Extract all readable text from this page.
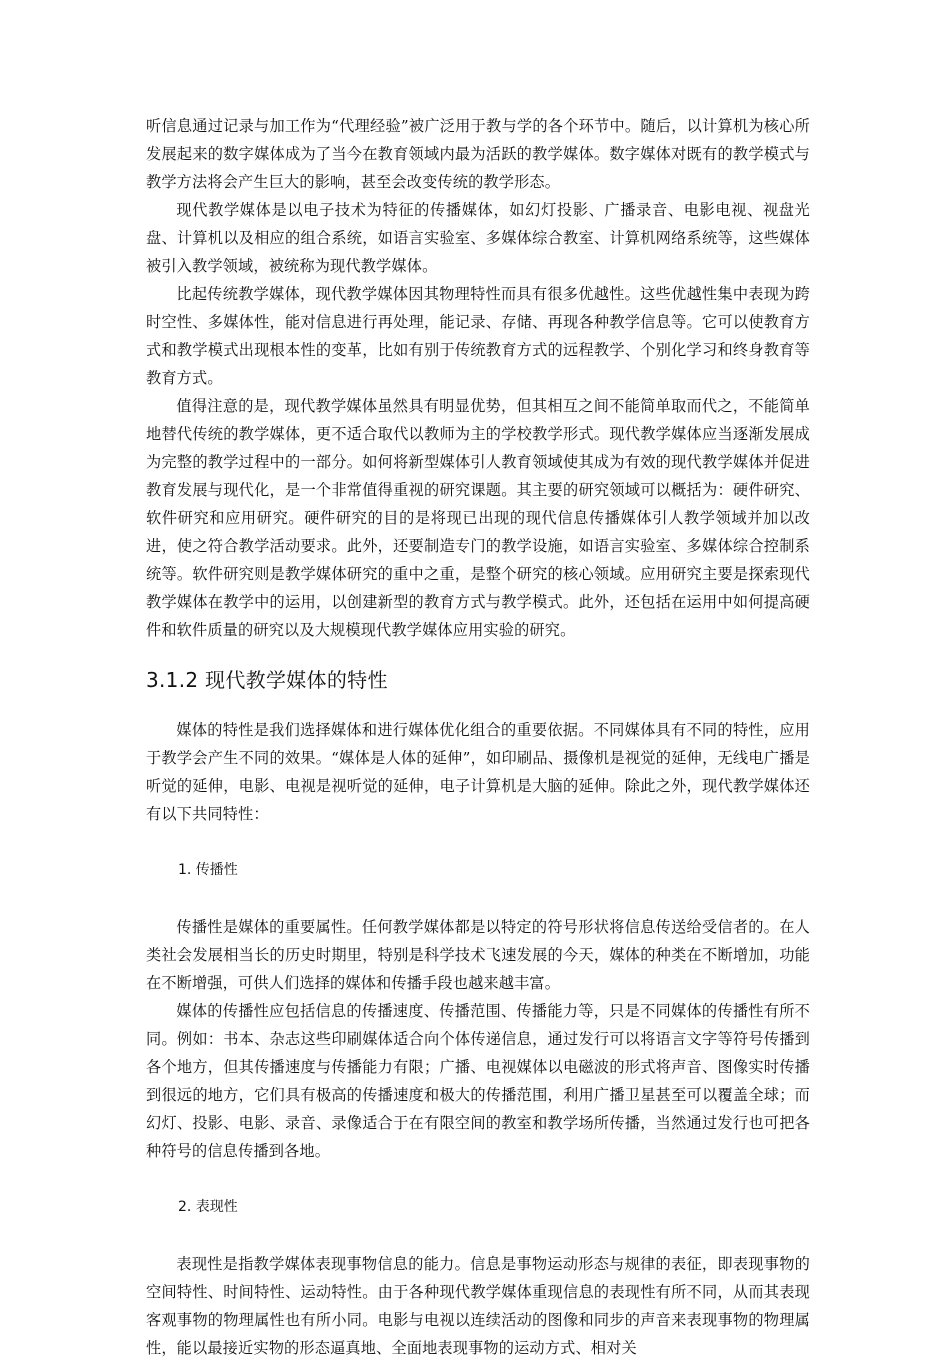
听信息通过记录与加工作为“代理经验”被广泛用于教与学的各个环节中。随后，以计算机为核心所发展起来的数字媒体成为了当今在教育领域内最为活跃的教学媒体。数字媒体对既有的教学模式与教学方法将会产生巨大的影响，甚至会改变传统的教学形态。

现代教学媒体是以电子技术为特征的传播媒体，如幻灯投影、广播录音、电影电视、视盘光盘、计算机以及相应的组合系统，如语言实验室、多媒体综合教室、计算机网络系统等，这些媒体被引入教学领域，被统称为现代教学媒体。

比起传统教学媒体，现代教学媒体因其物理特性而具有很多优越性。这些优越性集中表现为跨时空性、多媒体性，能对信息进行再处理，能记录、存储、再现各种教学信息等。它可以使教育方式和教学模式出现根本性的变革，比如有别于传统教育方式的远程教学、个别化学习和终身教育等教育方式。

值得注意的是，现代教学媒体虽然具有明显优势，但其相互之间不能简单取而代之，不能简单地替代传统的教学媒体，更不适合取代以教师为主的学校教学形式。现代教学媒体应当逐渐发展成为完整的教学过程中的一部分。如何将新型媒体引人教育领域使其成为有效的现代教学媒体并促进教育发展与现代化，是一个非常值得重视的研究课题。其主要的研究领域可以概括为：硬件研究、软件研究和应用研究。硬件研究的目的是将现已出现的现代信息传播媒体引人教学领域并加以改进，使之符合教学活动要求。此外，还要制造专门的教学设施，如语言实验室、多媒体综合控制系统等。软件研究则是教学媒体研究的重中之重，是整个研究的核心领域。应用研究主要是探索现代教学媒体在教学中的运用，以创建新型的教育方式与教学模式。此外，还包括在运用中如何提高硬件和软件质量的研究以及大规模现代教学媒体应用实验的研究。

3.1.2 现代教学媒体的特性

媒体的特性是我们选择媒体和进行媒体优化组合的重要依据。不同媒体具有不同的特性，应用于教学会产生不同的效果。“媒体是人体的延伸”，如印刷品、摄像机是视觉的延伸，无线电广播是听觉的延伸，电影、电视是视听觉的延伸，电子计算机是大脑的延伸。除此之外，现代教学媒体还有以下共同特性：

1. 传播性

传播性是媒体的重要属性。任何教学媒体都是以特定的符号形状将信息传送给受信者的。在人类社会发展相当长的历史时期里，特别是科学技术飞速发展的今天，媒体的种类在不断增加，功能在不断增强，可供人们选择的媒体和传播手段也越来越丰富。

媒体的传播性应包括信息的传播速度、传播范围、传播能力等，只是不同媒体的传播性有所不同。例如：书本、杂志这些印刷媒体适合向个体传递信息，通过发行可以将语言文字等符号传播到各个地方，但其传播速度与传播能力有限；广播、电视媒体以电磁波的形式将声音、图像实时传播到很远的地方，它们具有极高的传播速度和极大的传播范围，利用广播卫星甚至可以覆盖全球；而幻灯、投影、电影、录音、录像适合于在有限空间的教室和教学场所传播，当然通过发行也可把各种符号的信息传播到各地。

2. 表现性

表现性是指教学媒体表现事物信息的能力。信息是事物运动形态与规律的表征，即表现事物的空间特性、时间特性、运动特性。由于各种现代教学媒体重现信息的表现性有所不同，从而其表现客观事物的物理属性也有所小同。电影与电视以连续活动的图像和同步的声音来表现事物的物理属性，能以最接近实物的形态逼真地、全面地表现事物的运动方式、相对关
